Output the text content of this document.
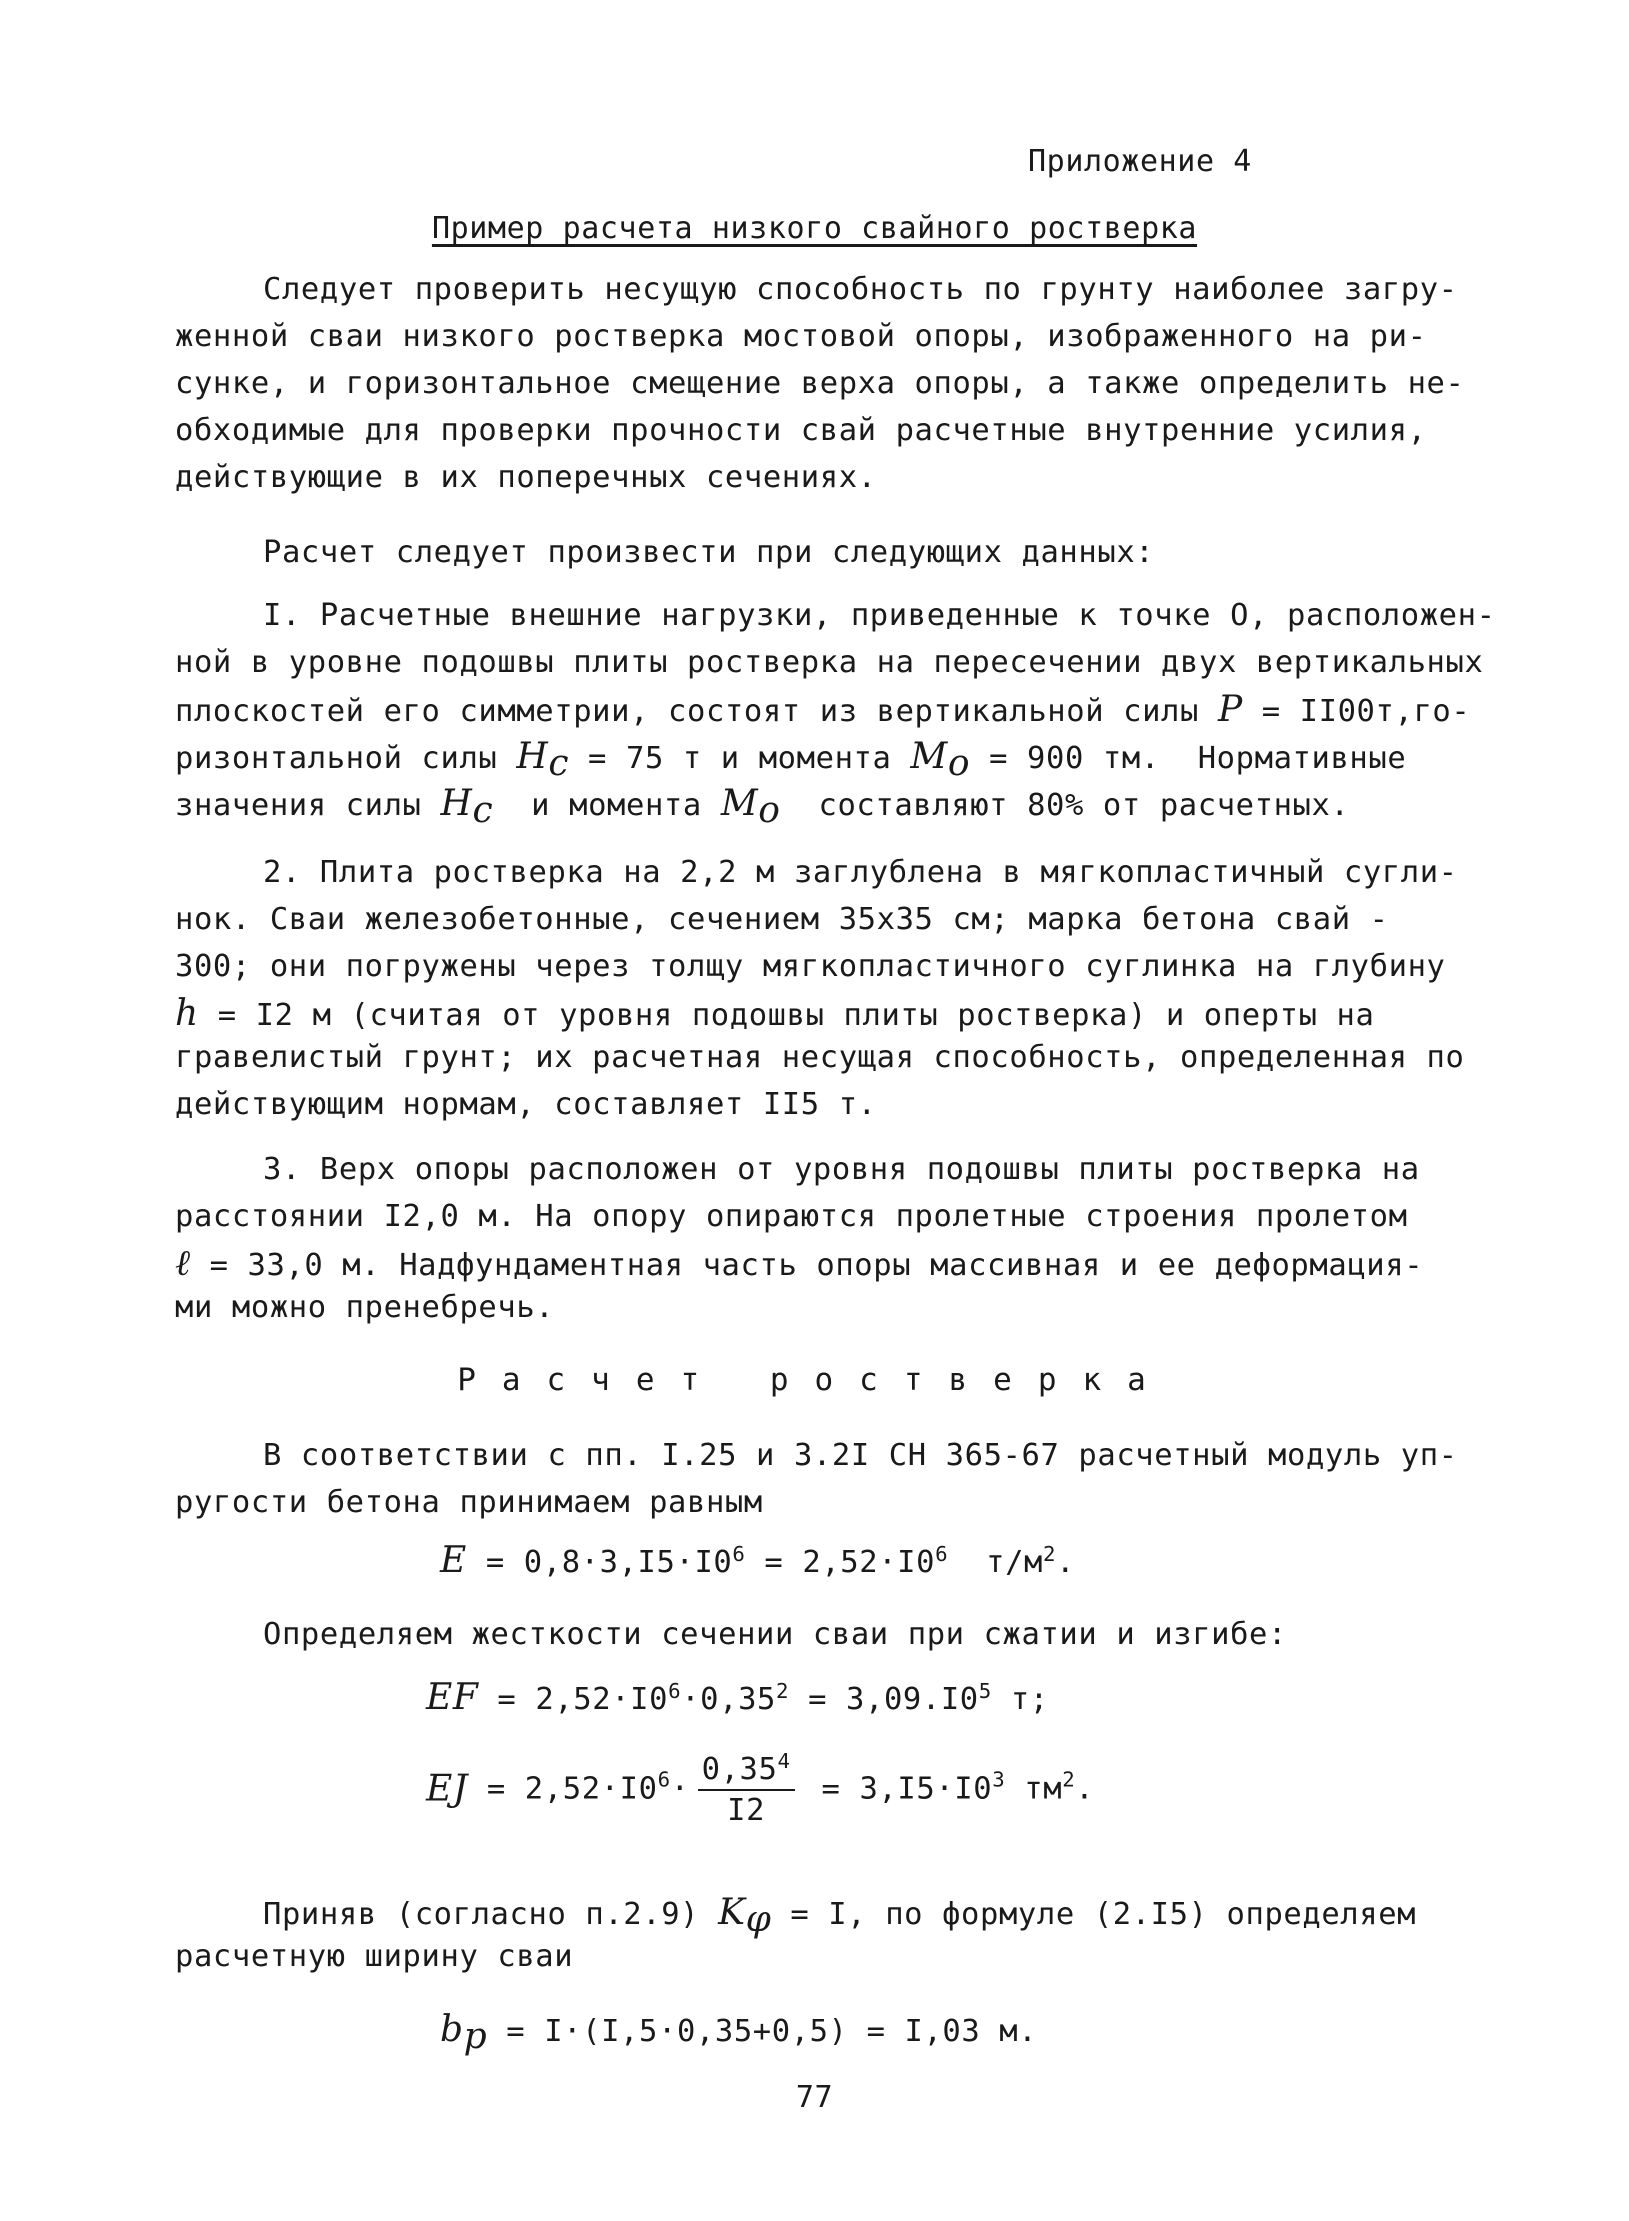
Приложение 4
Пример расчета низкого свайного ростверка
Следует проверить несущую способность по грунту наиболее загру-
женной сваи низкого ростверка мостовой опоры, изображенного на ри-
сунке, и горизонтальное смещение верха опоры, а также определить не-
обходимые для проверки прочности свай расчетные внутренние усилия,
действующие в их поперечных сечениях.
Расчет следует произвести при следующих данных:
I. Расчетные внешние нагрузки, приведенные к точке О, расположен-
ной в уровне подошвы плиты ростверка на пересечении двух вертикальных
плоскостей его симметрии, состоят из вертикальной силы P = II00т,го-
ризонтальной силы $H_c = 75$ т и момента $M_o = 900$ тм.  Нормативные
значения силы $H_c$  и момента $M_o$  составляют 80% от расчетных.
2. Плита ростверка на 2,2 м заглублена в мягкопластичный сугли-
нок. Сваи железобетонные, сечением 35х35 см; марка бетона свай -
300; они погружены через толщу мягкопластичного суглинка на глубину
h = I2 м (считая от уровня подошвы плиты ростверка) и оперты на
гравелистый грунт; их расчетная несущая способность, определенная по
действующим нормам, составляет II5 т.
3. Верх опоры расположен от уровня подошвы плиты ростверка на
расстоянии I2,0 м. На опору опираются пролетные строения пролетом
ℓ = 33,0 м. Надфундаментная часть опоры массивная и ее деформация-
ми можно пренебречь.
Расчет ростверка
В соответствии с пп. I.25 и 3.2I СН 365-67 расчетный модуль уп-
ругости бетона принимаем равным
$E = 0,8\cdot 3,I5\cdot I0^6 = 2,52\cdot I0^6$  $т/м^2$.
Определяем жесткости сечении сваи при сжатии и изгибе:
EF = $2,52\cdot I0^6\cdot 0,35^2 = 3,09.I0^5$ т;
EJ = $2,52\cdot I0^6\cdot \frac{0,35^4}{I2} = 3,I5\cdot I0^3$ $тм^2$.
Приняв (согласно п.2.9) $K_\varphi = I$, по формуле (2.I5) определяем
расчетную ширину сваи
$b_p = I\cdot(I,5\cdot 0,35+0,5) = I,03$ м.
77
